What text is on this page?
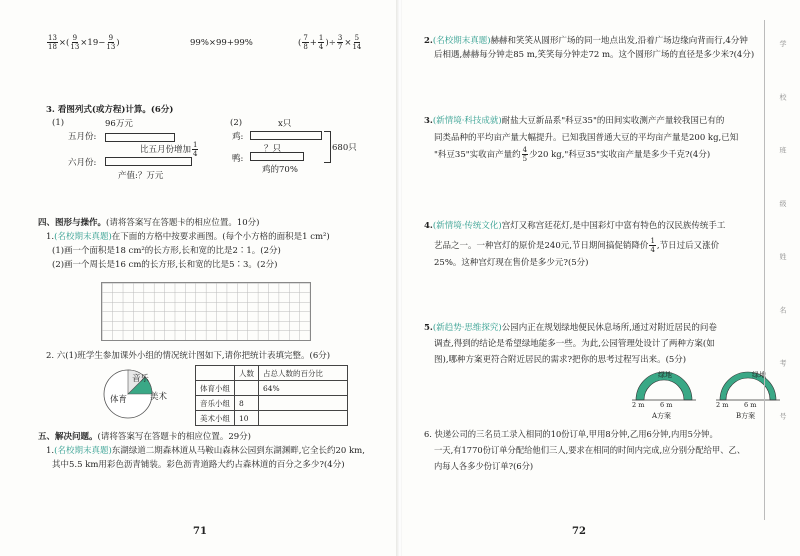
$\frac{13}{18}$ ×( $\frac{9}{13} \times 19- \frac{9}{13}$ )	99%×99+99%	( $\frac{7}{8} + \frac{1}{4}$ )÷ $\frac{3}{7} \times \frac{5}{14}$
3. 看图列式(或方程)计算。(6分)
(1)	(2)
96万元
五月份:
比五月份增加 $\frac{1}{4}$
六月份:
产值:？万元
x只
鸡:
？只
鸭:
680只
鸡的70%
四、图形与操作。(请将答案写在答题卡的相应位置。10分)
1.(名校期末真题)在下面的方格中按要求画图。(每个小方格的面积是1 cm²)
(1)画一个面积是18 cm²的长方形,长和宽的比是2∶1。(2分)
(2)画一个周长是16 cm的长方形,长和宽的比是5∶3。(2分)
2. 六(1)班学生参加课外小组的情况统计图如下,请你把统计表填完整。(6分)
音乐
美术
体育
	人数	占总人数的百分比
体育小组		64%
音乐小组	8	
美术小组	10	
五、解决问题。(请将答案写在答题卡的相应位置。29分)
1.(名校期末真题)东湖绿道二期森林道从马鞍山森林公园到东湖渊畔,它全长约20 km,
其中5.5 km用彩色沥青铺装。彩色沥青道路大约占森林道的百分之多少?(4分)
71
2.(名校期末真题)赫赫和笑笑从圆形广场的同一地点出发,沿着广场边缘向背而行,4分钟
后相遇,赫赫每分钟走85 m,笑笑每分钟走72 m。这个圆形广场的直径是多少米?(4分)
3.(新情境·科技成就)耐盐大豆新品系"科豆35"的田间实收测产产量较我国已有的
同类品种的平均亩产量大幅提升。已知我国普通大豆的平均亩产量是200 kg,已知
"科豆35"实收亩产量约 $\frac{4}{5}$ 少20 kg,"科豆35"实收亩产量是多少千克?(4分)
4.(新情境·传统文化)宫灯又称宫廷花灯,是中国彩灯中富有特色的汉民族传统手工
艺品之一。一种宫灯的原价是240元,节日期间搞促销降价 $\frac{1}{4}$ ,节日过后又涨价
25%。这种宫灯现在售价是多少元?(5分)
5.(新趋势·思维探究)公园内正在规划绿地便民休息场所,通过对附近居民的问卷
调查,得到的结论是希望绿地能多一些。为此,公园管理处设计了两种方案(如
图),哪种方案更符合附近居民的需求?把你的思考过程写出来。(5分)
绿地	绿地
2 m 6 m	2 m 6 m
A方案	B方案
6. 快递公司的三名员工录入相同的10份订单,甲用8分钟,乙用6分钟,内用5分钟。
一天,有1770份订单分配给他们三人,要求在相同的时间内完成,应分别分配给甲、乙、
内每人各多少份订单?(6分)
72
学 校 班 级 姓 名 考 号
